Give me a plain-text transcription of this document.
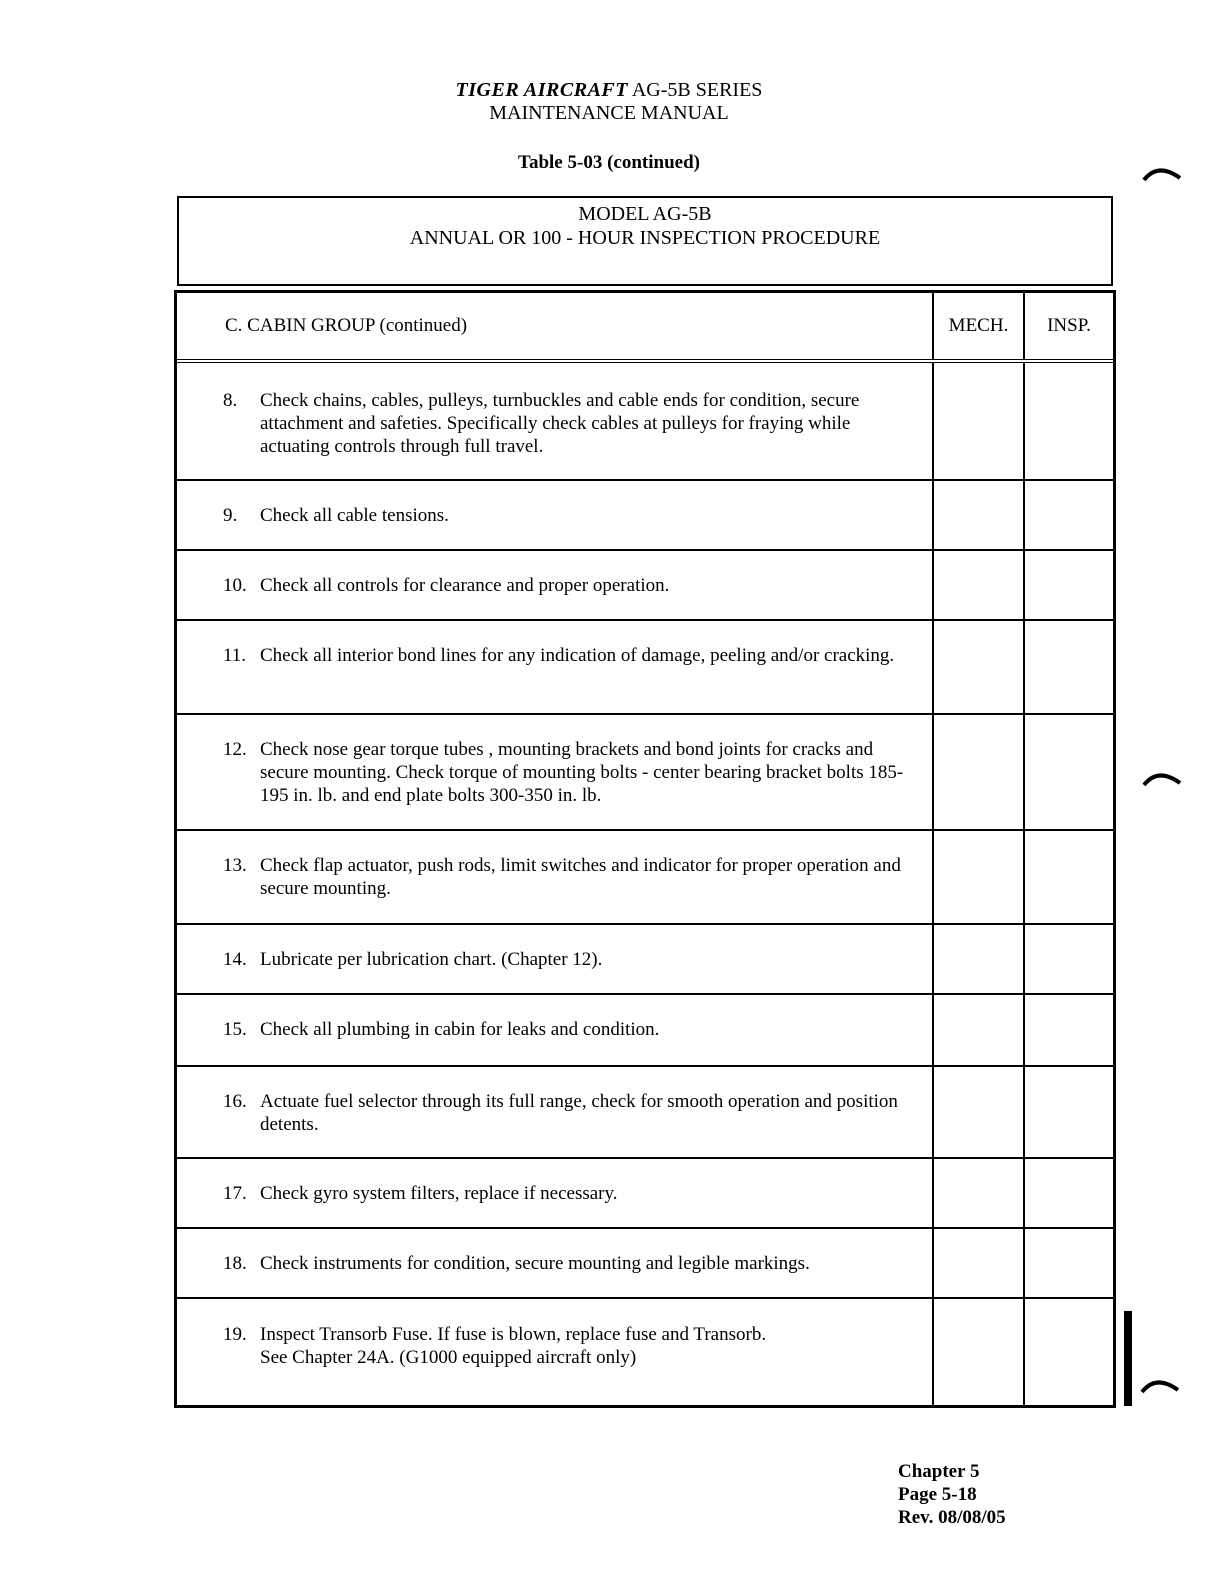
TIGER AIRCRAFT AG-5B SERIES
MAINTENANCE MANUAL
Table 5-03 (continued)
MODEL AG-5B
ANNUAL OR 100 - HOUR INSPECTION PROCEDURE
C. CABIN GROUP (continued)	MECH.	INSP.
8.	Check chains, cables, pulleys, turnbuckles and cable ends for condition, secure attachment and safeties. Specifically check cables at pulleys for fraying while actuating controls through full travel.
9.	Check all cable tensions.
10. Check all controls for clearance and proper operation.
11. Check all interior bond lines for any indication of damage, peeling and/or cracking.
12. Check nose gear torque tubes , mounting brackets and bond joints for cracks and secure mounting. Check torque of mounting bolts - center bearing bracket bolts 185-195 in. lb. and end plate bolts 300-350 in. lb.
13. Check flap actuator, push rods, limit switches and indicator for proper operation and secure mounting.
14. Lubricate per lubrication chart. (Chapter 12).
15. Check all plumbing in cabin for leaks and condition.
16. Actuate fuel selector through its full range, check for smooth operation and position detents.
17. Check gyro system filters, replace if necessary.
18. Check instruments for condition, secure mounting and legible markings.
19. Inspect Transorb Fuse. If fuse is blown, replace fuse and Transorb.
See Chapter 24A. (G1000 equipped aircraft only)
Chapter 5
Page 5-18
Rev. 08/08/05
